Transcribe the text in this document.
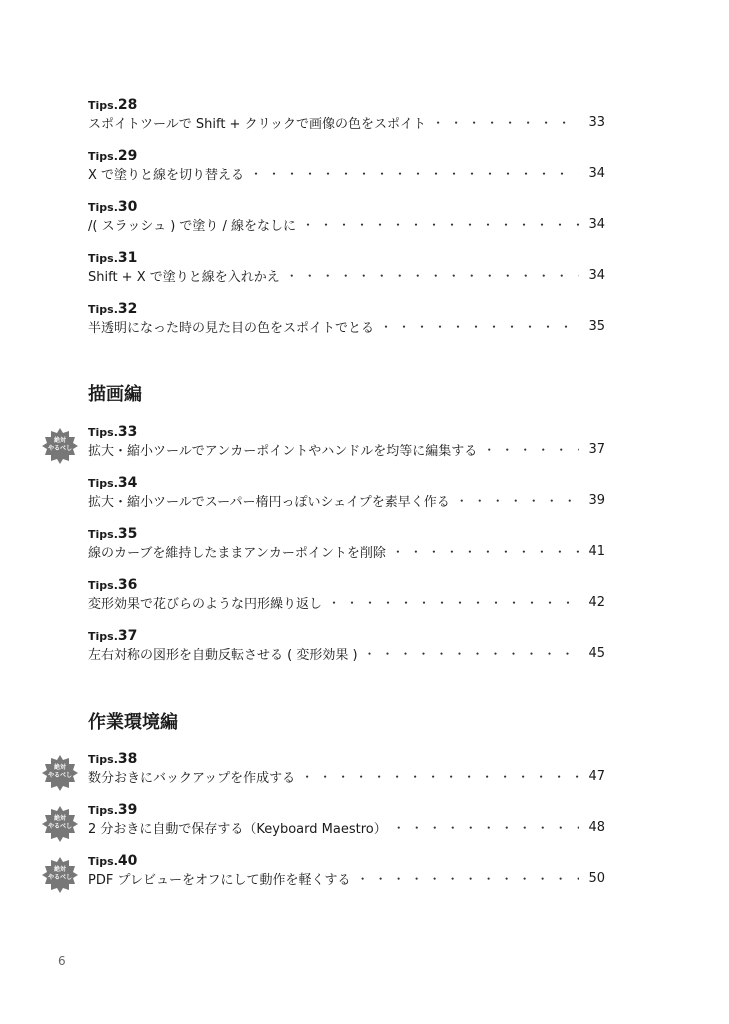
Tips.28
スポイトツールで Shift + クリックで画像の色をスポイト ・・・・・・・・・・・・・・・・・・・・・・・・・・・・・・・・・・・・・・・・・・・・・・・・	33
Tips.29
X で塗りと線を切り替える ・・・・・・・・・・・・・・・・・・・・・・・・・・・・・・・・・・・・・・・・・・・・・・・・	34
Tips.30
/( スラッシュ ) で塗り / 線をなしに ・・・・・・・・・・・・・・・・・・・・・・・・・・・・・・・・・・・・・・・・・・・・・・・・	34
Tips.31
Shift + X で塗りと線を入れかえ ・・・・・・・・・・・・・・・・・・・・・・・・・・・・・・・・・・・・・・・・・・・・・・・・	34
Tips.32
半透明になった時の見た目の色をスポイトでとる ・・・・・・・・・・・・・・・・・・・・・・・・・・・・・・・・・・・・・・・・・・・・・・・・	35
描画編
絶対
やるべし
Tips.33
拡大・縮小ツールでアンカーポイントやハンドルを均等に編集する ・・・・・・・・・・・・・・・・・・・・・・・・・・・・・・・・・・・・・・・・・・・・・・・・	37
Tips.34
拡大・縮小ツールでスーパー楕円っぽいシェイプを素早く作る ・・・・・・・・・・・・・・・・・・・・・・・・・・・・・・・・・・・・・・・・・・・・・・・・	39
Tips.35
線のカーブを維持したままアンカーポイントを削除 ・・・・・・・・・・・・・・・・・・・・・・・・・・・・・・・・・・・・・・・・・・・・・・・・	41
Tips.36
変形効果で花びらのような円形繰り返し ・・・・・・・・・・・・・・・・・・・・・・・・・・・・・・・・・・・・・・・・・・・・・・・・	42
Tips.37
左右対称の図形を自動反転させる ( 変形効果 ) ・・・・・・・・・・・・・・・・・・・・・・・・・・・・・・・・・・・・・・・・・・・・・・・・	45
作業環境編
絶対
やるべし
Tips.38
数分おきにバックアップを作成する ・・・・・・・・・・・・・・・・・・・・・・・・・・・・・・・・・・・・・・・・・・・・・・・・	47
絶対
やるべし
Tips.39
2 分おきに自動で保存する（Keyboard Maestro） ・・・・・・・・・・・・・・・・・・・・・・・・・・・・・・・・・・・・・・・・・・・・・・・・	48
絶対
やるべし
Tips.40
PDF プレビューをオフにして動作を軽くする ・・・・・・・・・・・・・・・・・・・・・・・・・・・・・・・・・・・・・・・・・・・・・・・・	50
6
